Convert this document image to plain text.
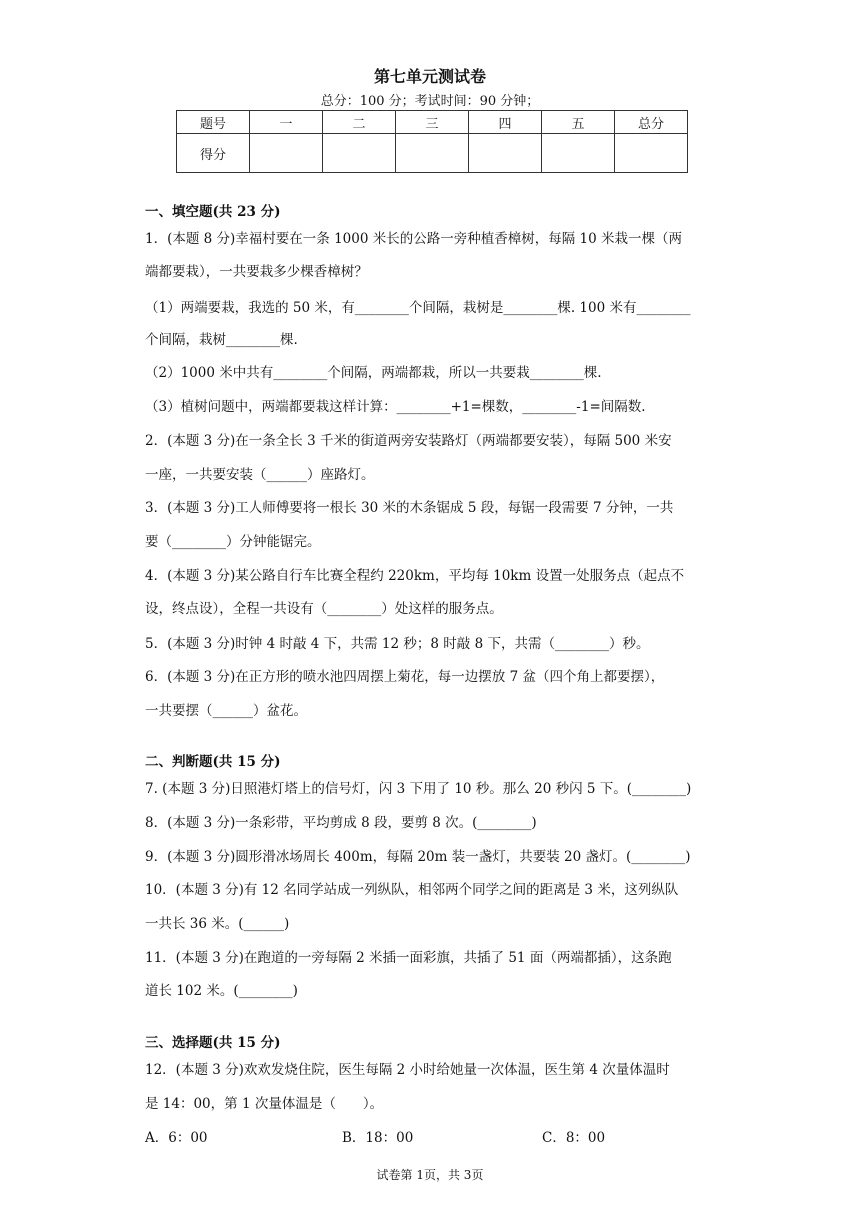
第七单元测试卷
总分：100 分；考试时间：90 分钟；
题号	一	二	三	四	五	总分
得分						
一、填空题(共 23 分)
1．(本题 8 分)幸福村要在一条 1000 米长的公路一旁种植香樟树，每隔 10 米栽一棵（两
端都要栽），一共要栽多少棵香樟树？
（1）两端要栽，我选的 50 米，有________个间隔，栽树是________棵. 100 米有________
个间隔，栽树________棵.
（2）1000 米中共有________个间隔，两端都栽，所以一共要栽________棵.
（3）植树问题中，两端都要栽这样计算：________+1=棵数，________-1=间隔数.
2．(本题 3 分)在一条全长 3 千米的街道两旁安装路灯（两端都要安装），每隔 500 米安
一座，一共要安装（______）座路灯。
3．(本题 3 分)工人师傅要将一根长 30 米的木条锯成 5 段，每锯一段需要 7 分钟，一共
要（________）分钟能锯完。
4．(本题 3 分)某公路自行车比赛全程约 220km，平均每 10km 设置一处服务点（起点不
设，终点设），全程一共设有（________）处这样的服务点。
5．(本题 3 分)时钟 4 时敲 4 下，共需 12 秒；8 时敲 8 下，共需（________）秒。
6．(本题 3 分)在正方形的喷水池四周摆上菊花，每一边摆放 7 盆（四个角上都要摆），
一共要摆（______）盆花。
二、判断题(共 15 分)
7. (本题 3 分)日照港灯塔上的信号灯，闪 3 下用了 10 秒。那么 20 秒闪 5 下。(________)
8．(本题 3 分)一条彩带，平均剪成 8 段，要剪 8 次。(________)
9．(本题 3 分)圆形滑冰场周长 400m，每隔 20m 装一盏灯，共要装 20 盏灯。(________)
10．(本题 3 分)有 12 名同学站成一列纵队，相邻两个同学之间的距离是 3 米，这列纵队
一共长 36 米。(______)
11．(本题 3 分)在跑道的一旁每隔 2 米插一面彩旗，共插了 51 面（两端都插），这条跑
道长 102 米。(________)
三、选择题(共 15 分)
12．(本题 3 分)欢欢发烧住院，医生每隔 2 小时给她量一次体温，医生第 4 次量体温时
是 14：00，第 1 次量体温是（　　）。
A．6：00	B．18：00	C．8：00
试卷第 1页，共 3页
